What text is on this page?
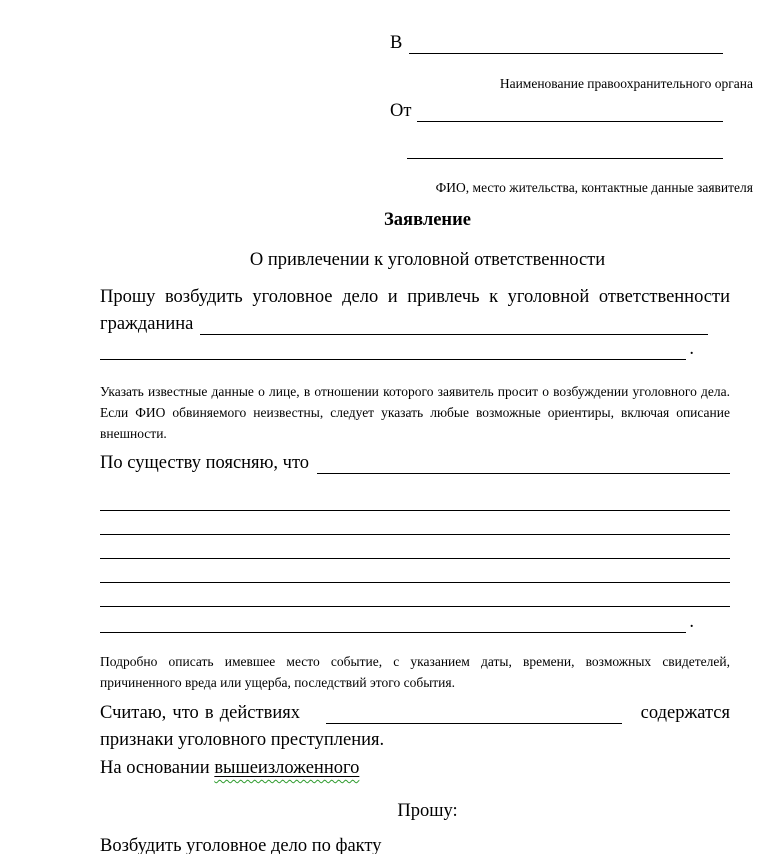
В
Наименование правоохранительного органа
От
ФИО, место жительства, контактные данные заявителя
Заявление
О привлечении к уголовной ответственности
Прошу возбудить уголовное дело и привлечь к уголовной ответственности
гражданина
.
Указать известные данные о лице, в отношении которого заявитель просит о возбуждении уголовного дела.
Если ФИО обвиняемого неизвестны, следует указать любые возможные ориентиры, включая описание
внешности.
По существу поясняю, что
.
Подробно описать имевшее место событие, с указанием даты, времени, возможных свидетелей,
причиненного вреда или ущерба, последствий этого события.
Считаю, что в действиях	содержатся
признаки уголовного преступления.
На основании вышеизложенного
Прошу:
Возбудить уголовное дело по факту
